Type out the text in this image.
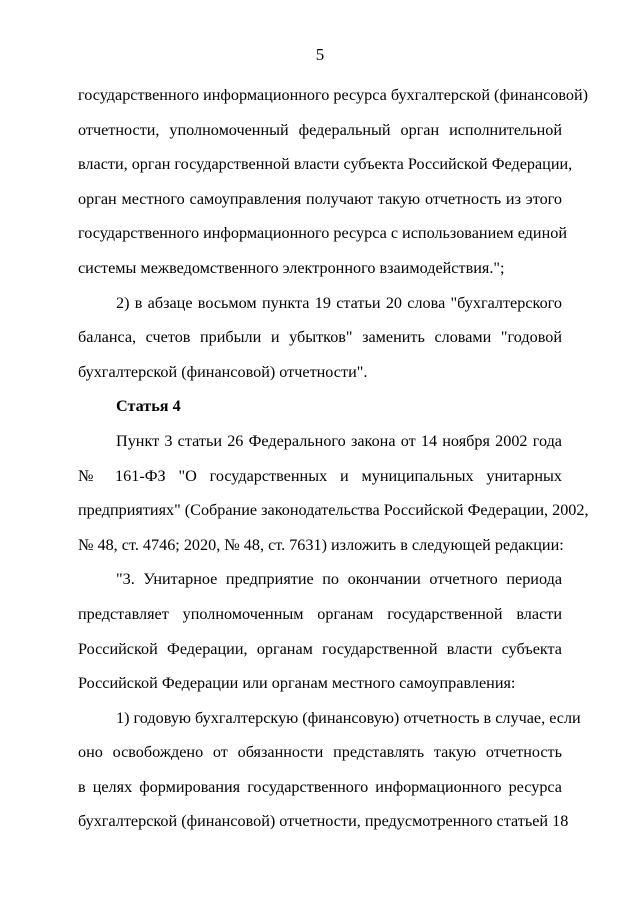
5
государственного информационного ресурса бухгалтерской (финансовой)
отчетности, уполномоченный федеральный орган исполнительной
власти, орган государственной власти субъекта Российской Федерации,
орган местного самоуправления получают такую отчетность из этого
государственного информационного ресурса с использованием единой
системы межведомственного электронного взаимодействия.";
2) в абзаце восьмом пункта 19 статьи 20 слова "бухгалтерского
баланса, счетов прибыли и убытков" заменить словами "годовой
бухгалтерской (финансовой) отчетности".
Статья 4
Пункт 3 статьи 26 Федерального закона от 14 ноября 2002 года
№ 161-ФЗ "О государственных и муниципальных унитарных
предприятиях" (Собрание законодательства Российской Федерации, 2002,
№ 48, ст. 4746; 2020, № 48, ст. 7631) изложить в следующей редакции:
"3. Унитарное предприятие по окончании отчетного периода
представляет уполномоченным органам государственной власти
Российской Федерации, органам государственной власти субъекта
Российской Федерации или органам местного самоуправления:
1) годовую бухгалтерскую (финансовую) отчетность в случае, если
оно освобождено от обязанности представлять такую отчетность
в целях формирования государственного информационного ресурса
бухгалтерской (финансовой) отчетности, предусмотренного статьей 18
